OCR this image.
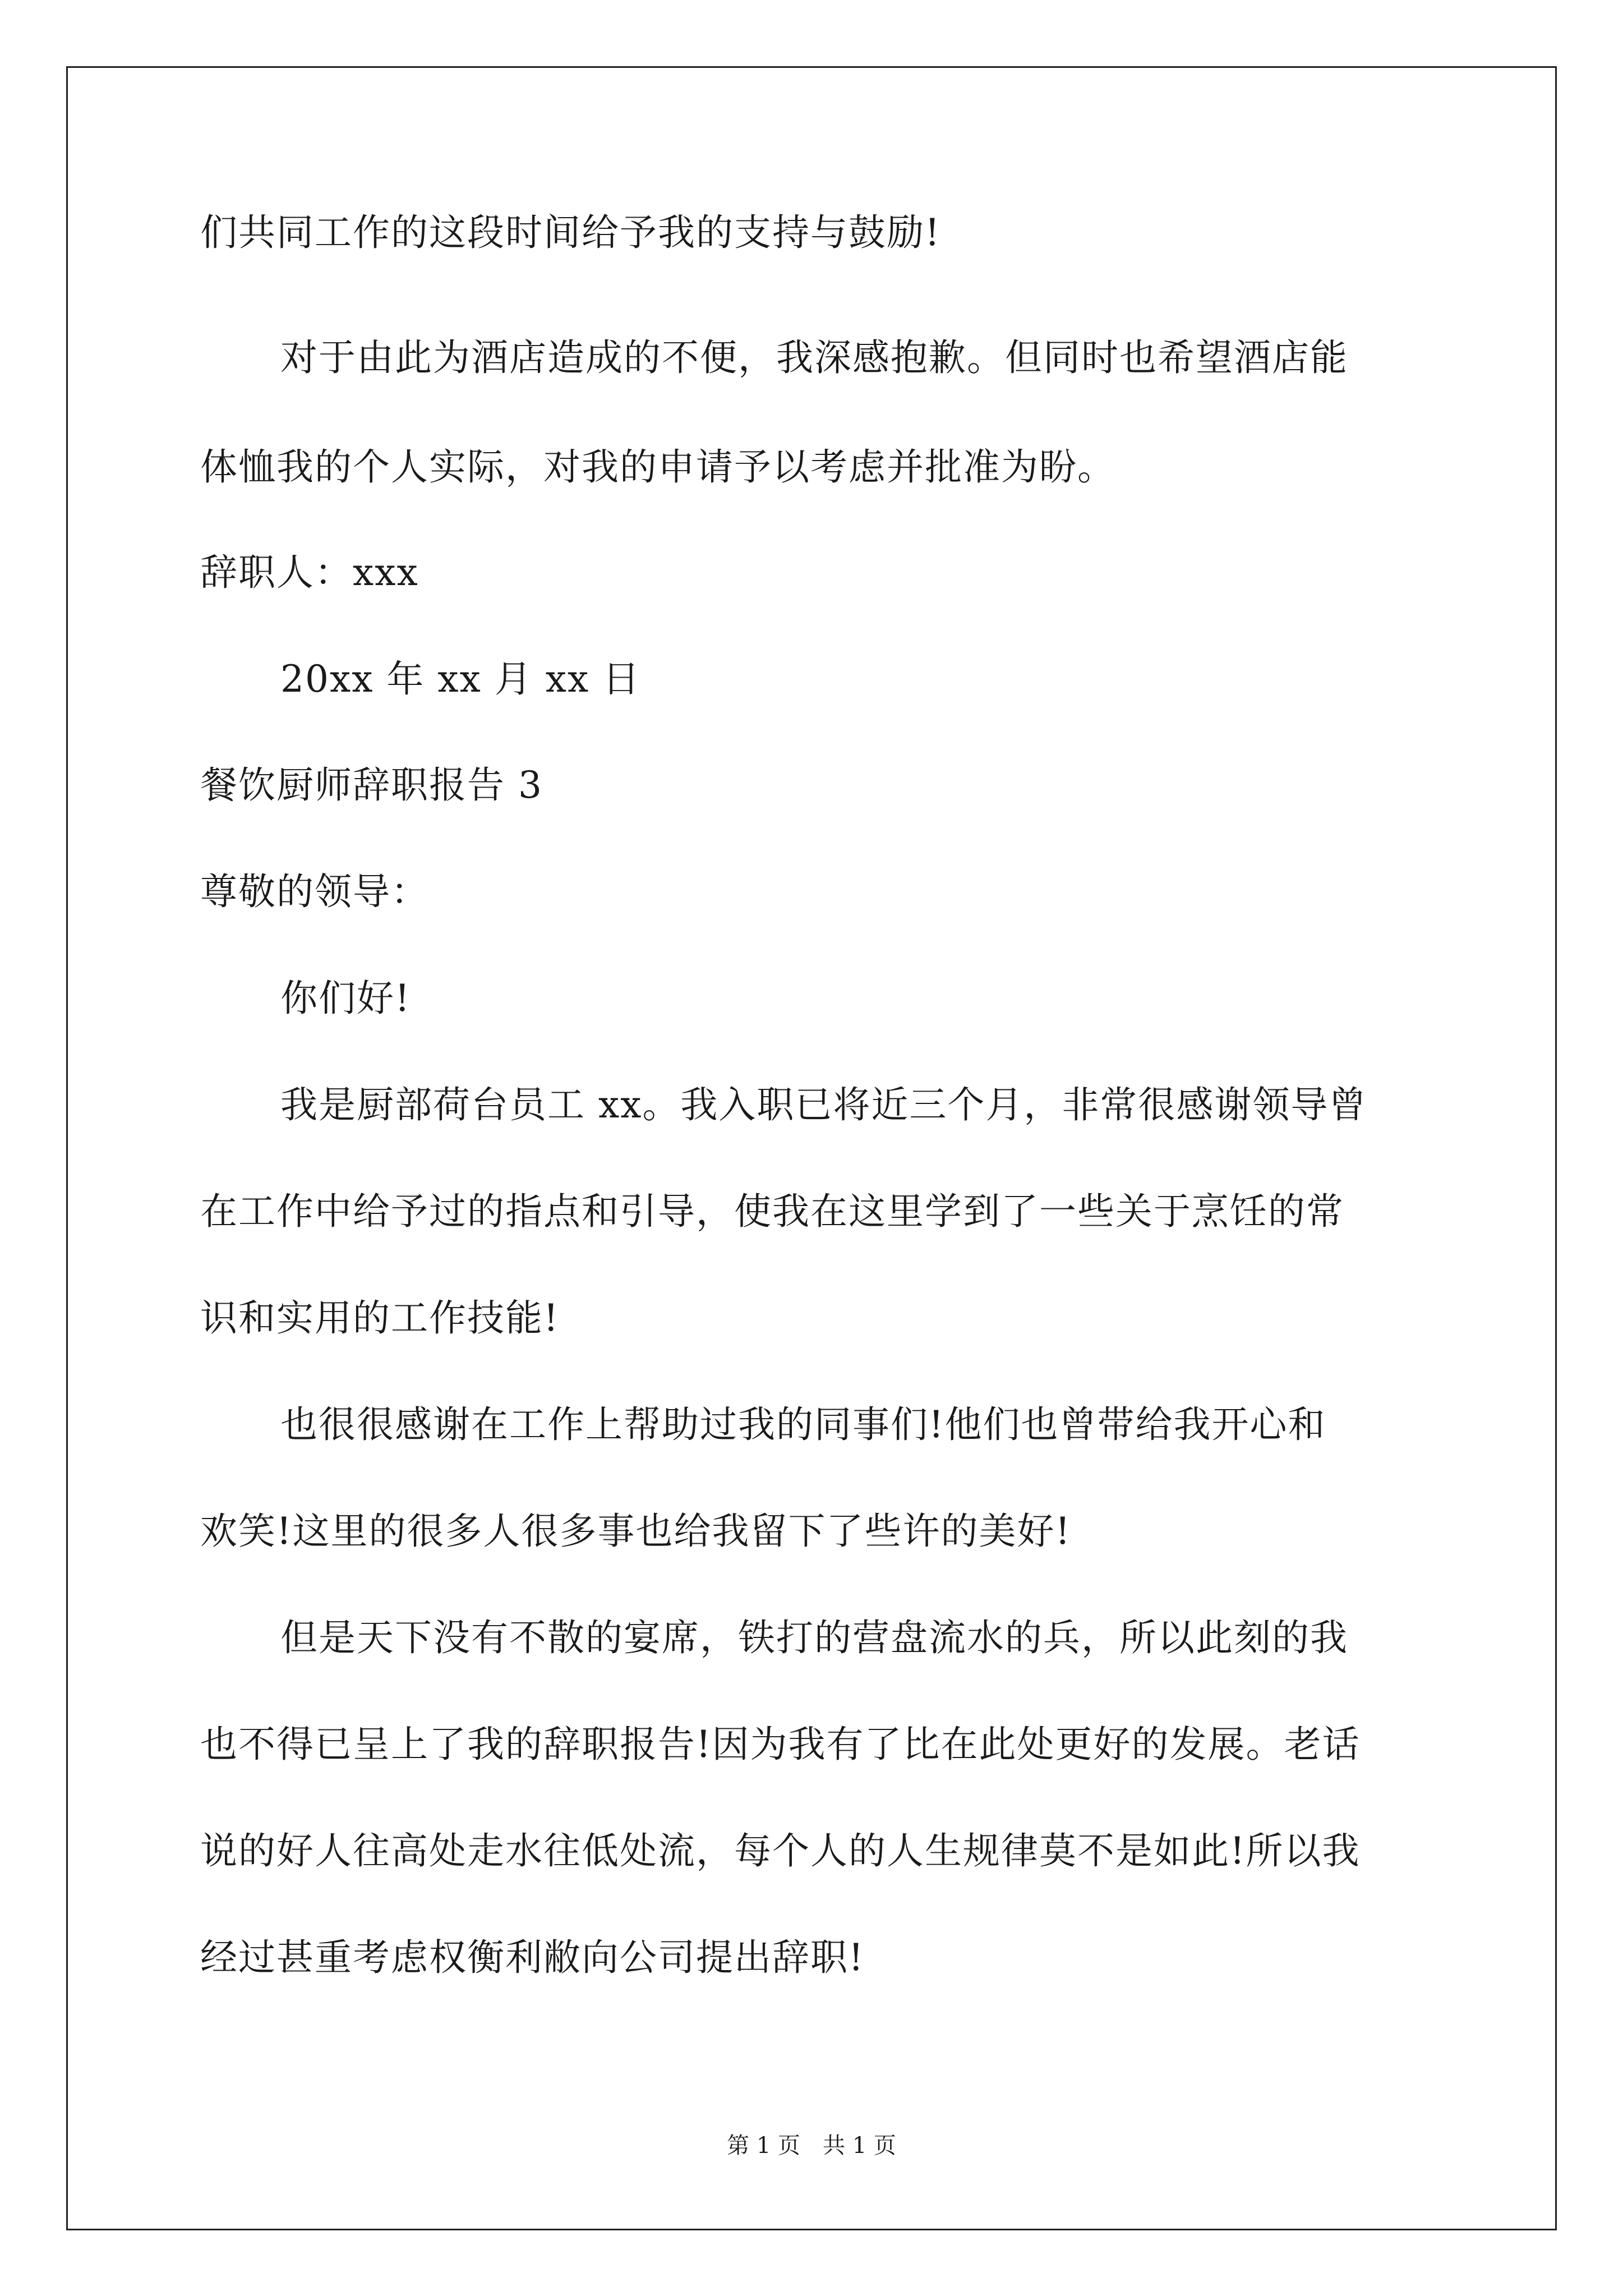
们共同工作的这段时间给予我的支持与鼓励!
对于由此为酒店造成的不便，我深感抱歉。但同时也希望酒店能
体恤我的个人实际，对我的申请予以考虑并批准为盼。
辞职人：xxx
20xx 年 xx 月 xx 日
餐饮厨师辞职报告 3
尊敬的领导：
你们好!
我是厨部荷台员工 xx。我入职已将近三个月，非常很感谢领导曾
在工作中给予过的指点和引导，使我在这里学到了一些关于烹饪的常
识和实用的工作技能!
也很很感谢在工作上帮助过我的同事们!他们也曾带给我开心和
欢笑!这里的很多人很多事也给我留下了些许的美好!
但是天下没有不散的宴席，铁打的营盘流水的兵，所以此刻的我
也不得已呈上了我的辞职报告!因为我有了比在此处更好的发展。老话
说的好人往高处走水往低处流，每个人的人生规律莫不是如此!所以我
经过甚重考虑权衡利敝向公司提出辞职!
第 1 页　共 1 页
